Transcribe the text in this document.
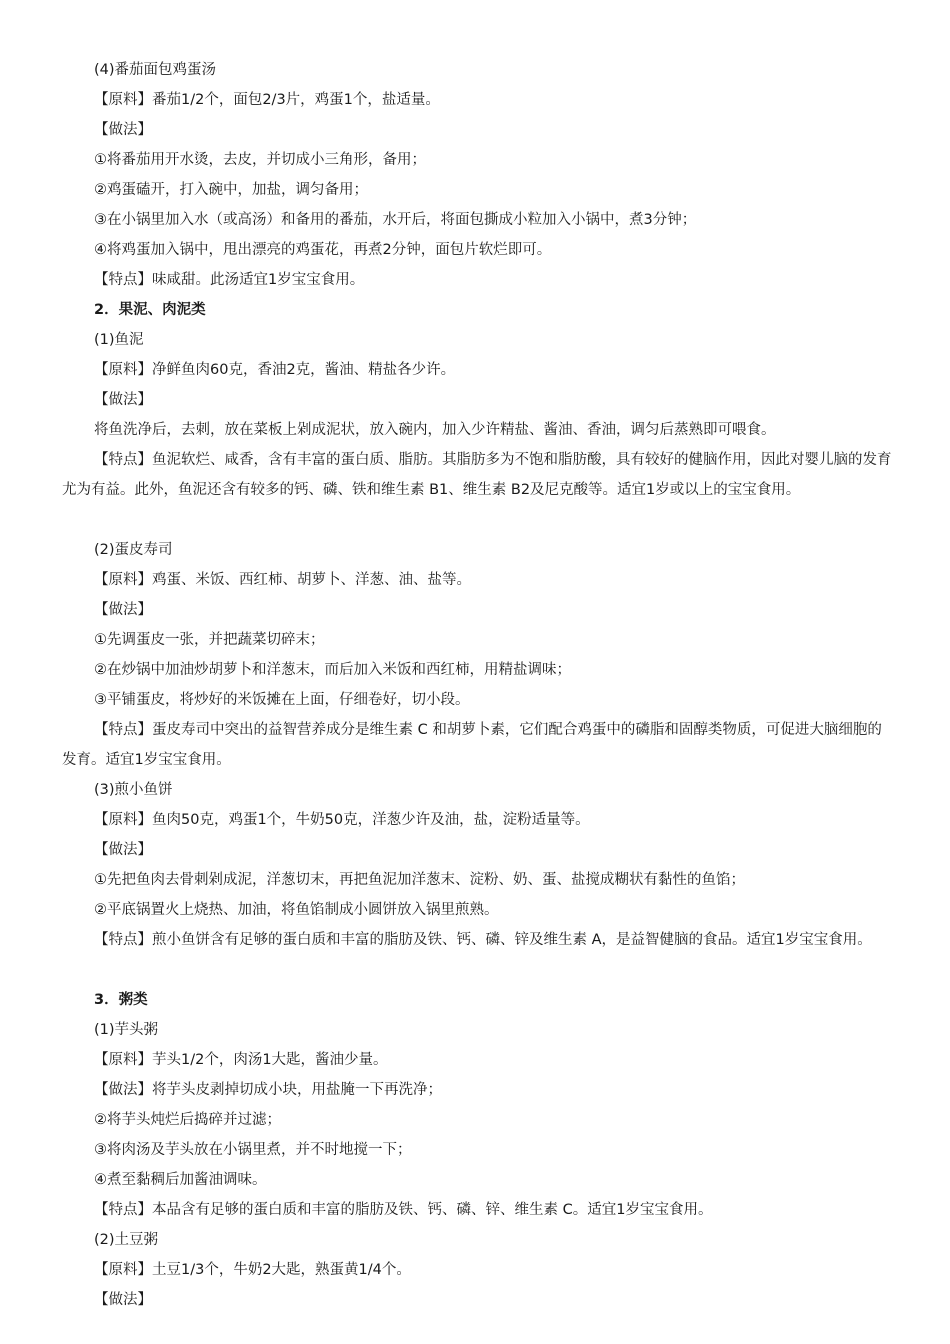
(4)番茄面包鸡蛋汤
【原料】番茄1/2个，面包2/3片，鸡蛋1个，盐适量。
【做法】
①将番茄用开水烫，去皮，并切成小三角形，备用；
②鸡蛋磕开，打入碗中，加盐，调匀备用；
③在小锅里加入水（或高汤）和备用的番茄，水开后，将面包撕成小粒加入小锅中，煮3分钟；
④将鸡蛋加入锅中，甩出漂亮的鸡蛋花，再煮2分钟，面包片软烂即可。
【特点】味咸甜。此汤适宜1岁宝宝食用。
2．果泥、肉泥类
(1)鱼泥
【原料】净鲜鱼肉60克，香油2克，酱油、精盐各少许。
【做法】
将鱼洗净后，去刺，放在菜板上剁成泥状，放入碗内，加入少许精盐、酱油、香油，调匀后蒸熟即可喂食。
【特点】鱼泥软烂、咸香，含有丰富的蛋白质、脂肪。其脂肪多为不饱和脂肪酸，具有较好的健脑作用，因此对婴儿脑的发育尤为有益。此外，鱼泥还含有较多的钙、磷、铁和维生素 B1、维生素 B2及尼克酸等。适宜1岁或以上的宝宝食用。
(2)蛋皮寿司
【原料】鸡蛋、米饭、西红柿、胡萝卜、洋葱、油、盐等。
【做法】
①先调蛋皮一张，并把蔬菜切碎末；
②在炒锅中加油炒胡萝卜和洋葱末，而后加入米饭和西红柿，用精盐调味；
③平铺蛋皮，将炒好的米饭摊在上面，仔细卷好，切小段。
【特点】蛋皮寿司中突出的益智营养成分是维生素 C 和胡萝卜素，它们配合鸡蛋中的磷脂和固醇类物质，可促进大脑细胞的发育。适宜1岁宝宝食用。
(3)煎小鱼饼
【原料】鱼肉50克，鸡蛋1个，牛奶50克，洋葱少许及油，盐，淀粉适量等。
【做法】
①先把鱼肉去骨刺剁成泥，洋葱切末，再把鱼泥加洋葱末、淀粉、奶、蛋、盐搅成糊状有黏性的鱼馅；
②平底锅置火上烧热、加油，将鱼馅制成小圆饼放入锅里煎熟。
【特点】煎小鱼饼含有足够的蛋白质和丰富的脂肪及铁、钙、磷、锌及维生素 A，是益智健脑的食品。适宜1岁宝宝食用。
3．粥类
(1)芋头粥
【原料】芋头1/2个，肉汤1大匙，酱油少量。
【做法】将芋头皮剥掉切成小块，用盐腌一下再洗净；
②将芋头炖烂后捣碎并过滤；
③将肉汤及芋头放在小锅里煮，并不时地搅一下；
④煮至黏稠后加酱油调味。
【特点】本品含有足够的蛋白质和丰富的脂肪及铁、钙、磷、锌、维生素 C。适宜1岁宝宝食用。
(2)土豆粥
【原料】土豆1/3个，牛奶2大匙，熟蛋黄1/4个。
【做法】
